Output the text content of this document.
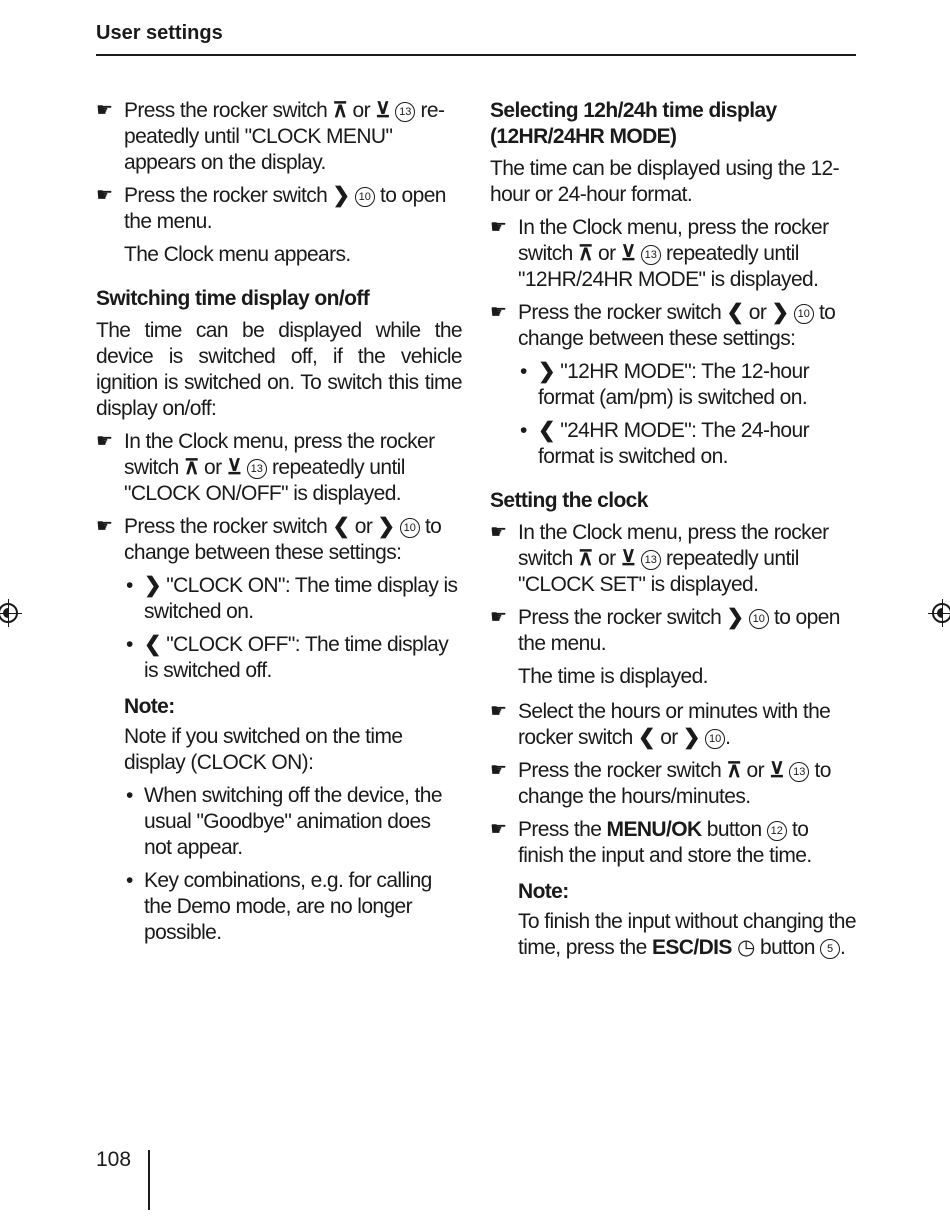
User settings
☛ Press the rocker switch ⊼ or ⊻ 13 re-peatedly until "CLOCK MENU" appears on the display.
☛ Press the rocker switch ❯ 10 to open the menu.
The Clock menu appears.
Switching time display on/off
The time can be displayed while the device is switched off, if the vehicle ignition is switched on. To switch this time display on/off:
☛ In the Clock menu, press the rocker switch ⊼ or ⊻ 13 repeatedly until "CLOCK ON/OFF" is displayed.
☛ Press the rocker switch ❮ or ❯ 10 to change between these settings:
• ❯ "CLOCK ON": The time display is switched on.
• ❮ "CLOCK OFF": The time display is switched off.
Note:
Note if you switched on the time display (CLOCK ON):
• When switching off the device, the usual "Goodbye" animation does not appear.
• Key combinations, e.g. for calling the Demo mode, are no longer possible.
Selecting 12h/24h time display (12HR/24HR MODE)
The time can be displayed using the 12-hour or 24-hour format.
☛ In the Clock menu, press the rocker switch ⊼ or ⊻ 13 repeatedly until "12HR/24HR MODE" is displayed.
☛ Press the rocker switch ❮ or ❯ 10 to change between these settings:
• ❯ "12HR MODE": The 12-hour format (am/pm) is switched on.
• ❮ "24HR MODE": The 24-hour format is switched on.
Setting the clock
☛ In the Clock menu, press the rocker switch ⊼ or ⊻ 13 repeatedly until "CLOCK SET" is displayed.
☛ Press the rocker switch ❯ 10 to open the menu.
The time is displayed.
☛ Select the hours or minutes with the rocker switch ❮ or ❯ 10 .
☛ Press the rocker switch ⊼ or ⊻ 13 to change the hours/minutes.
☛ Press the MENU/OK button 12 to finish the input and store the time.
Note:
To finish the input without changing the time, press the ESC/DIS ◷ button 5 .
108
